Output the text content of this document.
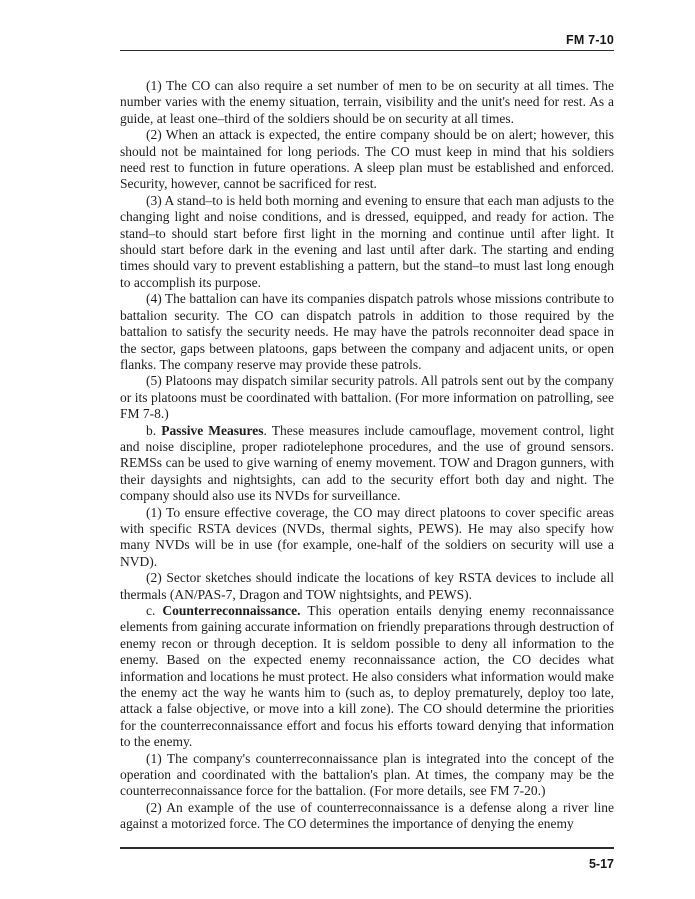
FM 7-10

(1) The CO can also require a set number of men to be on security at all times. The number varies with the enemy situation, terrain, visibility and the unit's need for rest. As a guide, at least one–third of the soldiers should be on security at all times.

(2) When an attack is expected, the entire company should be on alert; however, this should not be maintained for long periods. The CO must keep in mind that his soldiers need rest to function in future operations. A sleep plan must be established and enforced. Security, however, cannot be sacrificed for rest.

(3) A stand–to is held both morning and evening to ensure that each man adjusts to the changing light and noise conditions, and is dressed, equipped, and ready for action. The stand–to should start before first light in the morning and continue until after light. It should start before dark in the evening and last until after dark. The starting and ending times should vary to prevent establishing a pattern, but the stand–to must last long enough to accomplish its purpose.

(4) The battalion can have its companies dispatch patrols whose missions contribute to battalion security. The CO can dispatch patrols in addition to those required by the battalion to satisfy the security needs. He may have the patrols reconnoiter dead space in the sector, gaps between platoons, gaps between the company and adjacent units, or open flanks. The company reserve may provide these patrols.

(5) Platoons may dispatch similar security patrols. All patrols sent out by the company or its platoons must be coordinated with battalion. (For more information on patrolling, see FM 7-8.)

b. Passive Measures. These measures include camouflage, movement control, light and noise discipline, proper radiotelephone procedures, and the use of ground sensors. REMSs can be used to give warning of enemy movement. TOW and Dragon gunners, with their daysights and nightsights, can add to the security effort both day and night. The company should also use its NVDs for surveillance.

(1) To ensure effective coverage, the CO may direct platoons to cover specific areas with specific RSTA devices (NVDs, thermal sights, PEWS). He may also specify how many NVDs will be in use (for example, one-half of the soldiers on security will use a NVD).

(2) Sector sketches should indicate the locations of key RSTA devices to include all thermals (AN/PAS-7, Dragon and TOW nightsights, and PEWS).

c. Counterreconnaissance. This operation entails denying enemy reconnaissance elements from gaining accurate information on friendly preparations through destruction of enemy recon or through deception. It is seldom possible to deny all information to the enemy. Based on the expected enemy reconnaissance action, the CO decides what information and locations he must protect. He also considers what information would make the enemy act the way he wants him to (such as, to deploy prematurely, deploy too late, attack a false objective, or move into a kill zone). The CO should determine the priorities for the counterreconnaissance effort and focus his efforts toward denying that information to the enemy.

(1) The company's counterreconnaissance plan is integrated into the concept of the operation and coordinated with the battalion's plan. At times, the company may be the counterreconnaissance force for the battalion. (For more details, see FM 7-20.)

(2) An example of the use of counterreconnaissance is a defense along a river line against a motorized force. The CO determines the importance of denying the enemy

5-17
